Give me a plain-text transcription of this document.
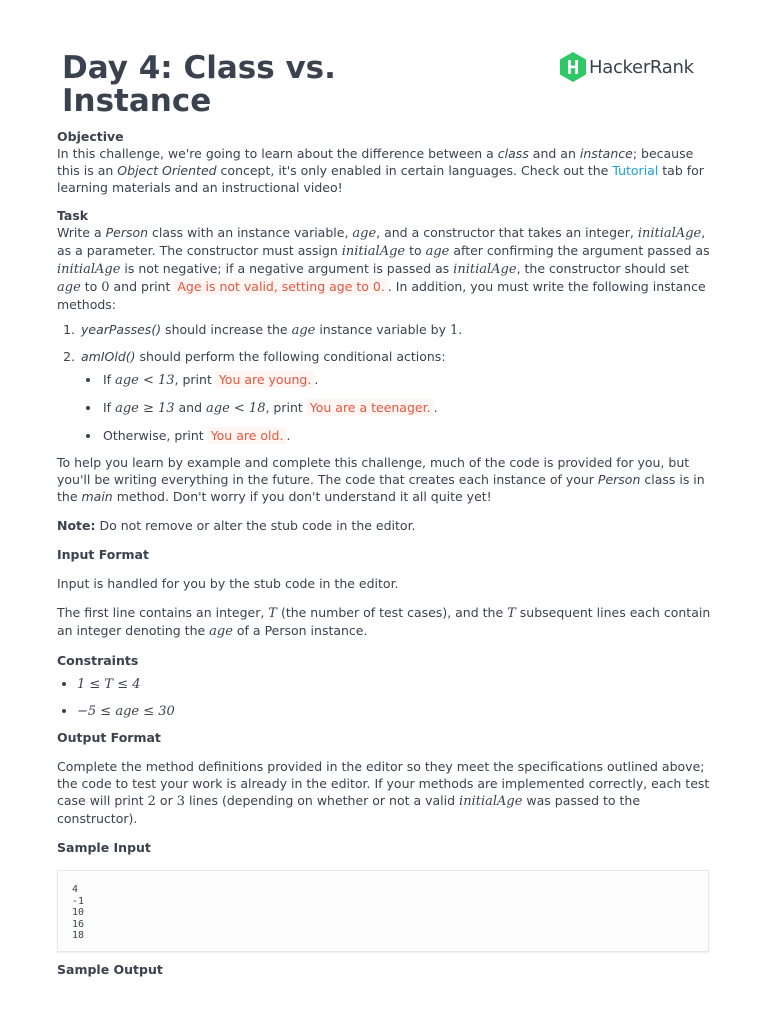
Day 4: Class vs. Instance
HackerRank

Objective

In this challenge, we're going to learn about the difference between a class and an instance; because this is an Object Oriented concept, it's only enabled in certain languages. Check out the Tutorial tab for learning materials and an instructional video!

Task

Write a Person class with an instance variable, age, and a constructor that takes an integer, initialAge, as a parameter. The constructor must assign initialAge to age after confirming the argument passed as initialAge is not negative; if a negative argument is passed as initialAge, the constructor should set age to 0 and print Age is not valid, setting age to 0. . In addition, you must write the following instance methods:

1. yearPasses() should increase the age instance variable by 1.
2. amIOld() should perform the following conditional actions:
• If age < 13, print You are young. .
• If age ≥ 13 and age < 18, print You are a teenager. .
• Otherwise, print You are old. .

To help you learn by example and complete this challenge, much of the code is provided for you, but you'll be writing everything in the future. The code that creates each instance of your Person class is in the main method. Don't worry if you don't understand it all quite yet!

Note: Do not remove or alter the stub code in the editor.

Input Format

Input is handled for you by the stub code in the editor.

The first line contains an integer, T (the number of test cases), and the T subsequent lines each contain an integer denoting the age of a Person instance.

Constraints

• 1 ≤ T ≤ 4
• −5 ≤ age ≤ 30

Output Format

Complete the method definitions provided in the editor so they meet the specifications outlined above; the code to test your work is already in the editor. If your methods are implemented correctly, each test case will print 2 or 3 lines (depending on whether or not a valid initialAge was passed to the constructor).

Sample Input

4
-1
10
16
18

Sample Output
